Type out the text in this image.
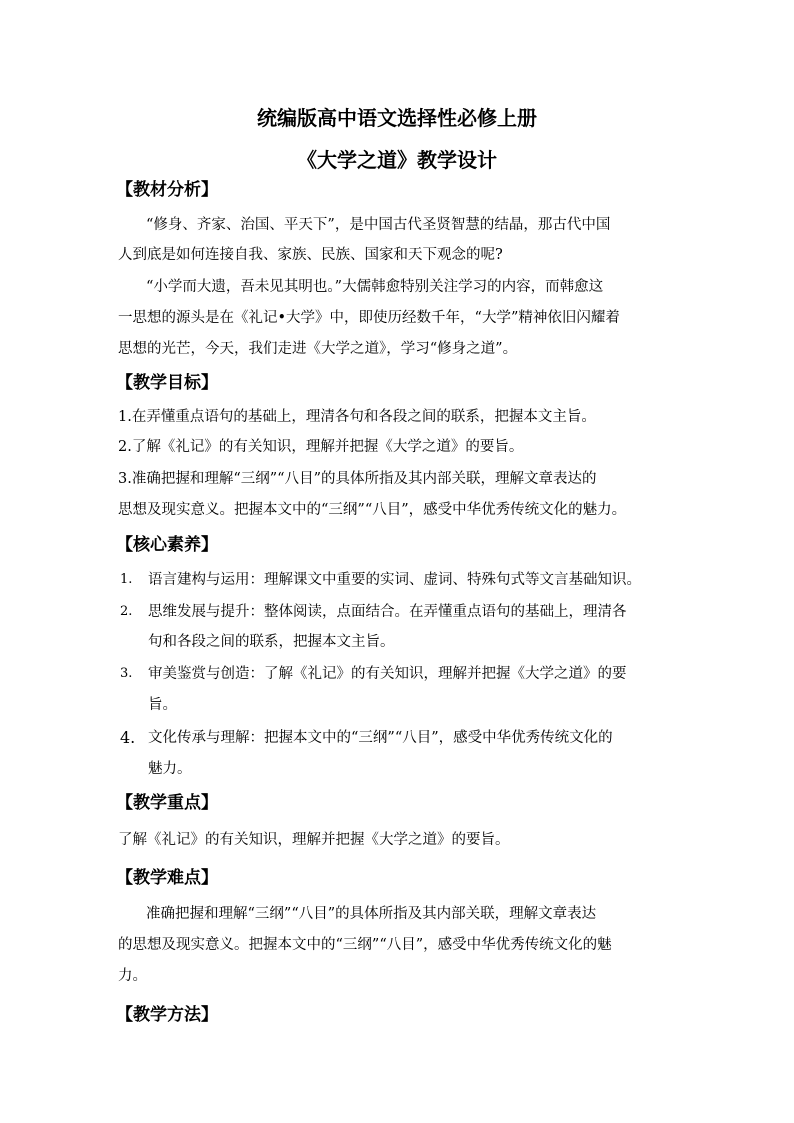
统编版高中语文选择性必修上册
《大学之道》教学设计
【教材分析】

“修身、齐家、治国、平天下”，是中国古代圣贤智慧的结晶，那古代中国

人到底是如何连接自我、家族、民族、国家和天下观念的呢?

“小学而大遗，吾未见其明也。”大儒韩愈特别关注学习的内容，而韩愈这

一思想的源头是在《礼记•大学》中，即使历经数千年，“大学”精神依旧闪耀着

思想的光芒，今天，我们走进《大学之道》，学习“修身之道”。

【教学目标】

1.在弄懂重点语句的基础上，理清各句和各段之间的联系，把握本文主旨。

2.了解《礼记》的有关知识，理解并把握《大学之道》的要旨。

3.准确把握和理解“三纲”“八目”的具体所指及其内部关联，理解文章表达的

思想及现实意义。把握本文中的“三纲”“八目”，感受中华优秀传统文化的魅力。

【核心素养】
1. 语言建构与运用：理解课文中重要的实词、虚词、特殊句式等文言基础知识。

2. 思维发展与提升：整体阅读，点面结合。在弄懂重点语句的基础上，理清各

句和各段之间的联系，把握本文主旨。

3. 审美鉴赏与创造：了解《礼记》的有关知识，理解并把握《大学之道》的要

旨。

4. 文化传承与理解：把握本文中的“三纲”“八目”，感受中华优秀传统文化的

魅力。

【教学重点】

了解《礼记》的有关知识，理解并把握《大学之道》的要旨。

【教学难点】

准确把握和理解“三纲”“八目”的具体所指及其内部关联，理解文章表达

的思想及现实意义。把握本文中的“三纲”“八目”，感受中华优秀传统文化的魅

力。

【教学方法】
